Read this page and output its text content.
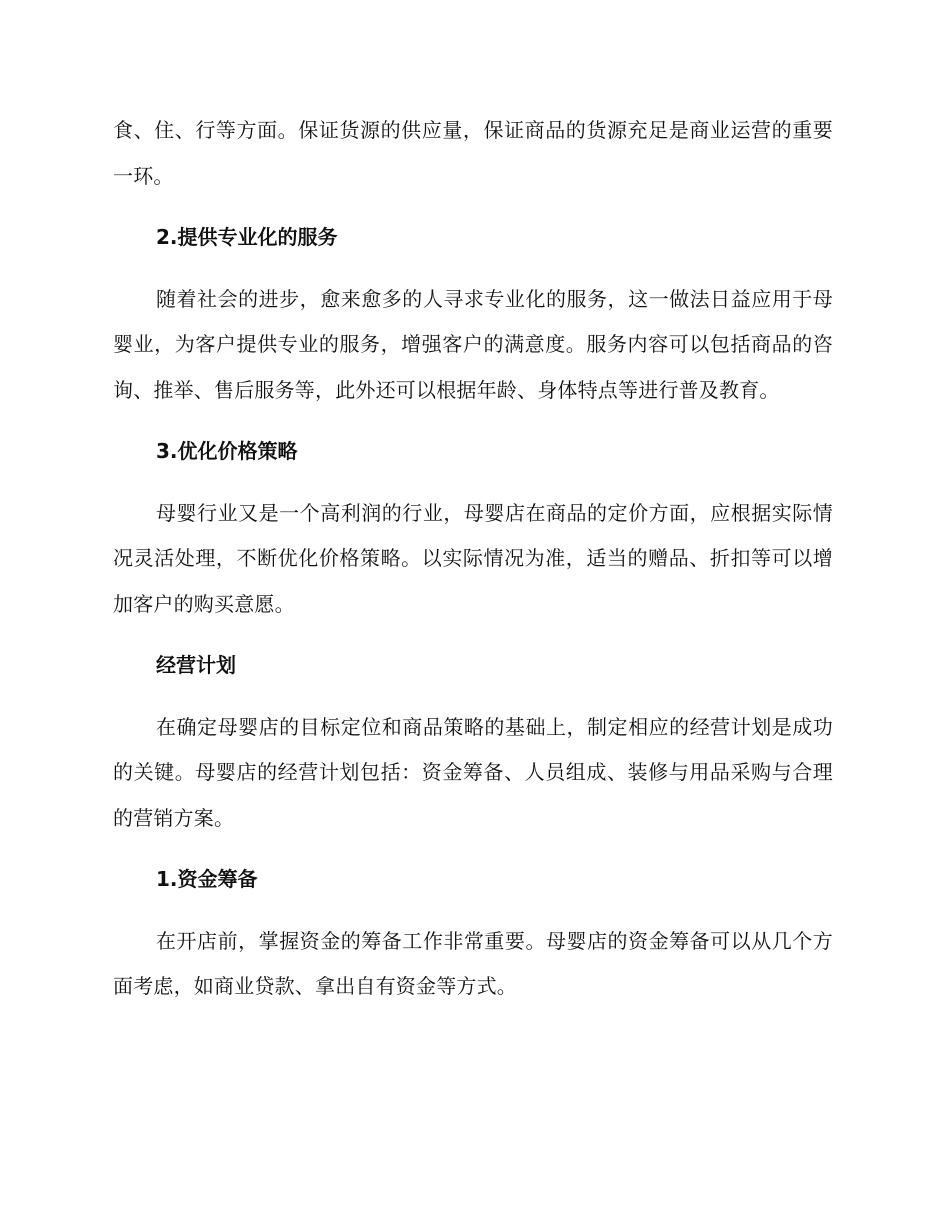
食、住、行等方面。保证货源的供应量，保证商品的货源充足是商业运营的重要一环。

2.提供专业化的服务

随着社会的进步，愈来愈多的人寻求专业化的服务，这一做法日益应用于母婴业，为客户提供专业的服务，增强客户的满意度。服务内容可以包括商品的咨询、推举、售后服务等，此外还可以根据年龄、身体特点等进行普及教育。

3.优化价格策略

母婴行业又是一个高利润的行业，母婴店在商品的定价方面，应根据实际情况灵活处理，不断优化价格策略。以实际情况为准，适当的赠品、折扣等可以增加客户的购买意愿。

经营计划

在确定母婴店的目标定位和商品策略的基础上，制定相应的经营计划是成功的关键。母婴店的经营计划包括：资金筹备、人员组成、装修与用品采购与合理的营销方案。

1.资金筹备

在开店前，掌握资金的筹备工作非常重要。母婴店的资金筹备可以从几个方面考虑，如商业贷款、拿出自有资金等方式。
